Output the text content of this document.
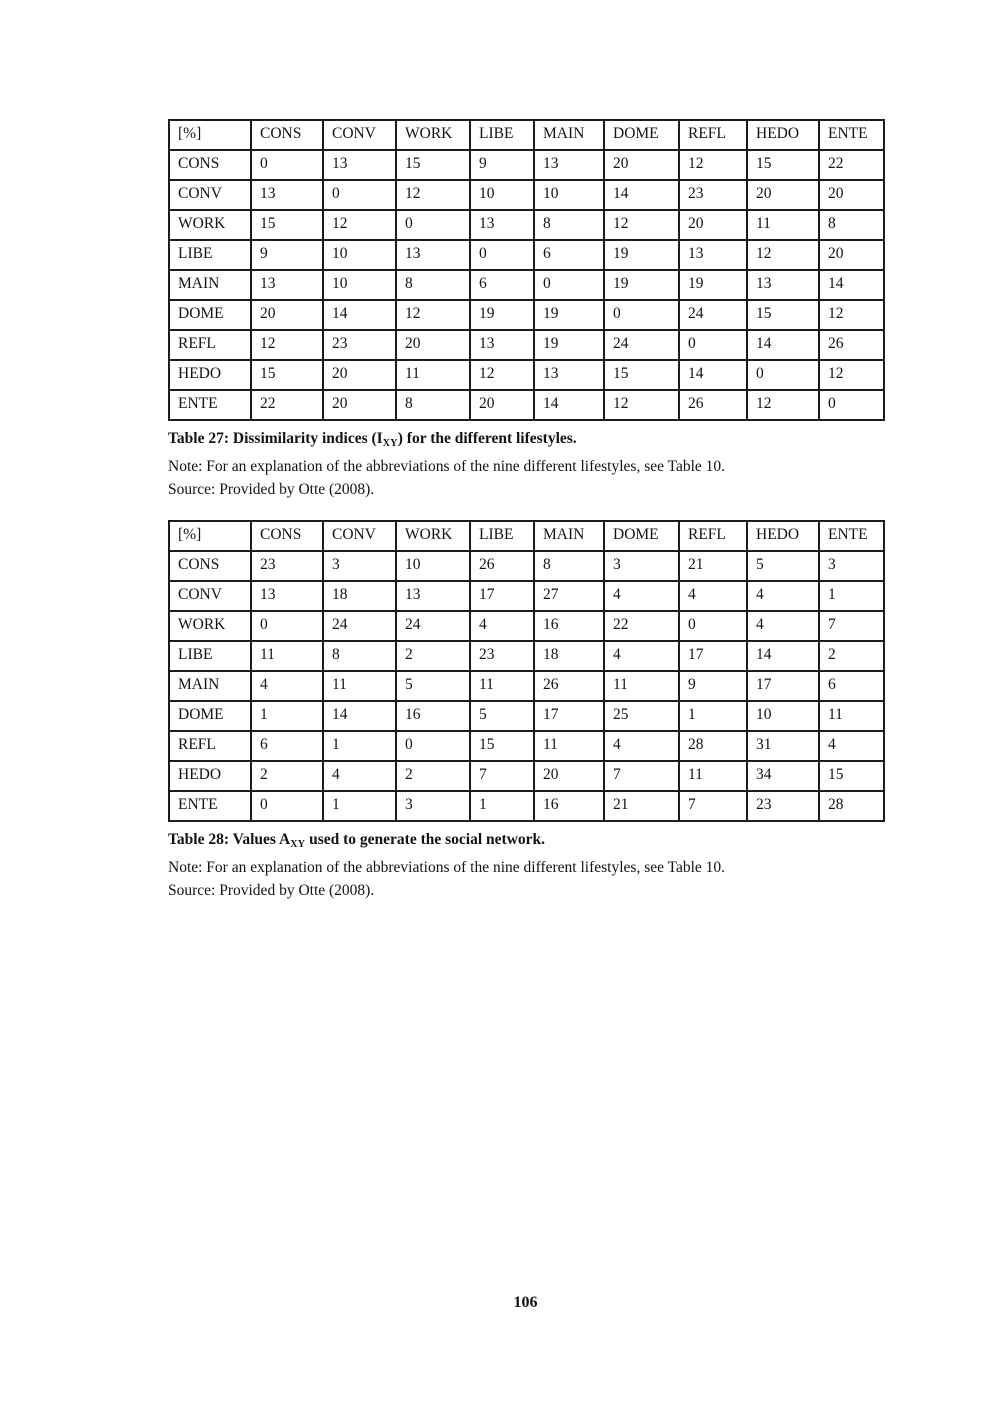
[%]	CONS	CONV	WORK	LIBE	MAIN	DOME	REFL	HEDO	ENTE
CONS	0	13	15	9	13	20	12	15	22
CONV	13	0	12	10	10	14	23	20	20
WORK	15	12	0	13	8	12	20	11	8
LIBE	9	10	13	0	6	19	13	12	20
MAIN	13	10	8	6	0	19	19	13	14
DOME	20	14	12	19	19	0	24	15	12
REFL	12	23	20	13	19	24	0	14	26
HEDO	15	20	11	12	13	15	14	0	12
ENTE	22	20	8	20	14	12	26	12	0

Table 27: Dissimilarity indices $(I_{XY})$ for the different lifestyles.

Note: For an explanation of the abbreviations of the nine different lifestyles, see Table 10.

Source: Provided by Otte (2008).

[%]	CONS	CONV	WORK	LIBE	MAIN	DOME	REFL	HEDO	ENTE
CONS	23	3	10	26	8	3	21	5	3
CONV	13	18	13	17	27	4	4	4	1
WORK	0	24	24	4	16	22	0	4	7
LIBE	11	8	2	23	18	4	17	14	2
MAIN	4	11	5	11	26	11	9	17	6
DOME	1	14	16	5	17	25	1	10	11
REFL	6	1	0	15	11	4	28	31	4
HEDO	2	4	2	7	20	7	11	34	15
ENTE	0	1	3	1	16	21	7	23	28

Table 28: Values $A_{XY}$ used to generate the social network.

Note: For an explanation of the abbreviations of the nine different lifestyles, see Table 10.

Source: Provided by Otte (2008).

106
